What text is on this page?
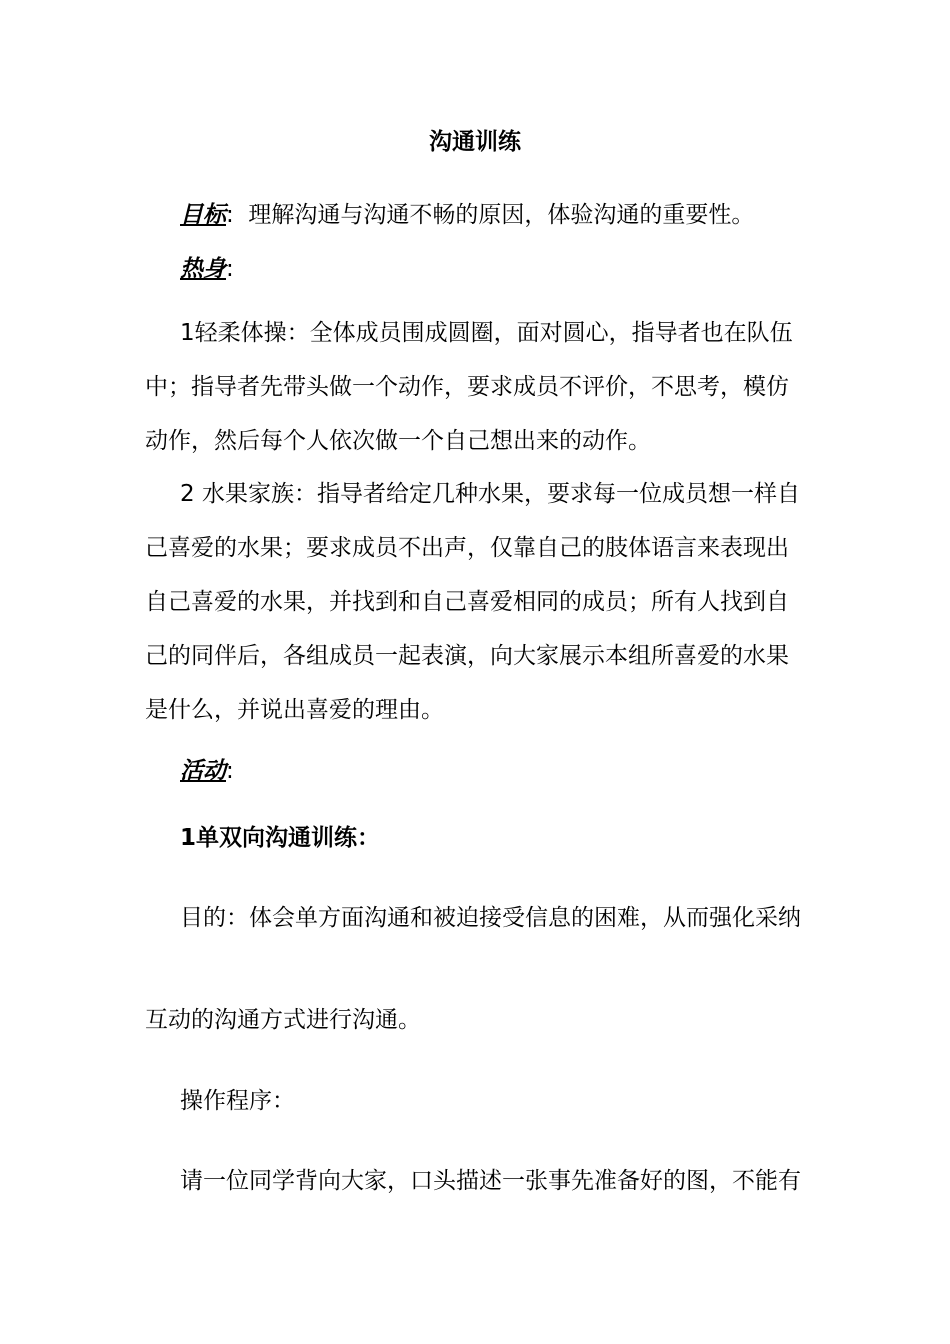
沟通训练
目标: 理解沟通与沟通不畅的原因，体验沟通的重要性。
热身:
1轻柔体操：全体成员围成圆圈，面对圆心，指导者也在队伍
中；指导者先带头做一个动作，要求成员不评价，不思考，模仿
动作，然后每个人依次做一个自己想出来的动作。
2 水果家族：指导者给定几种水果，要求每一位成员想一样自
己喜爱的水果；要求成员不出声，仅靠自己的肢体语言来表现出
自己喜爱的水果，并找到和自己喜爱相同的成员；所有人找到自
己的同伴后，各组成员一起表演，向大家展示本组所喜爱的水果
是什么，并说出喜爱的理由。
活动:
1单双向沟通训练：
目的：体会单方面沟通和被迫接受信息的困难，从而强化采纳
互动的沟通方式进行沟通。
操作程序：
请一位同学背向大家，口头描述一张事先准备好的图，不能有
